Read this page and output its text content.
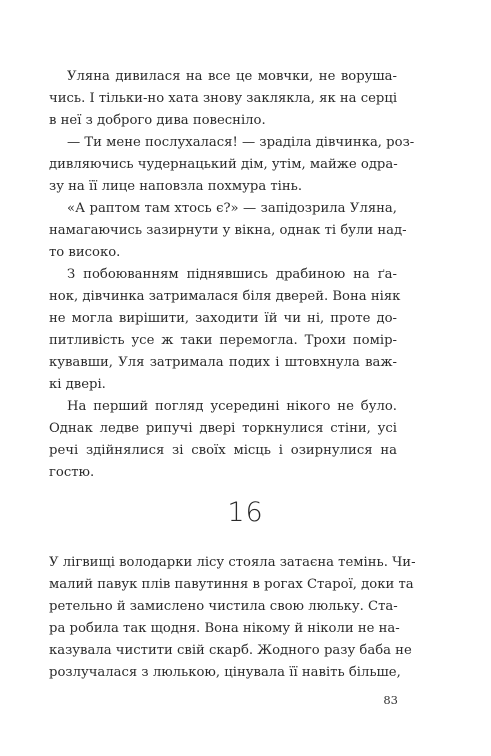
Уляна дивилася на все це мовчки, не воруша-
чись. І тільки-но хата знову заклякла, як на серці
в неї з доброго дива повесніло.
— Ти мене послухалася! — зраділа дівчинка, роз-
дивляючись чудернацький дім, утім, майже одра-
зу на її лице наповзла похмура тінь.
«А раптом там хтось є?» — запідозрила Уляна,
намагаючись зазирнути у вікна, однак ті були над-
то високо.
З побоюванням піднявшись драбиною на ґа-
нок, дівчинка затрималася біля дверей. Вона ніяк
не могла вирішити, заходити їй чи ні, проте до-
питливість усе ж таки перемогла. Трохи помір-
кувавши, Уля затримала подих і штовхнула важ-
кі двері.
На перший погляд усередині нікого не було.
Однак ледве рипучі двері торкнулися стіни, усі
речі здійнялися зі своїх місць і озирнулися на
гостю.
16
У лігвищі володарки лісу стояла затаєна темінь. Чи-
малий павук плів павутиння в рогах Старої, доки та
ретельно й замислено чистила свою люльку. Ста-
ра робила так щодня. Вона нікому й ніколи не на-
казувала чистити свій скарб. Жодного разу баба не
розлучалася з люлькою, цінувала її навіть більше,
83
